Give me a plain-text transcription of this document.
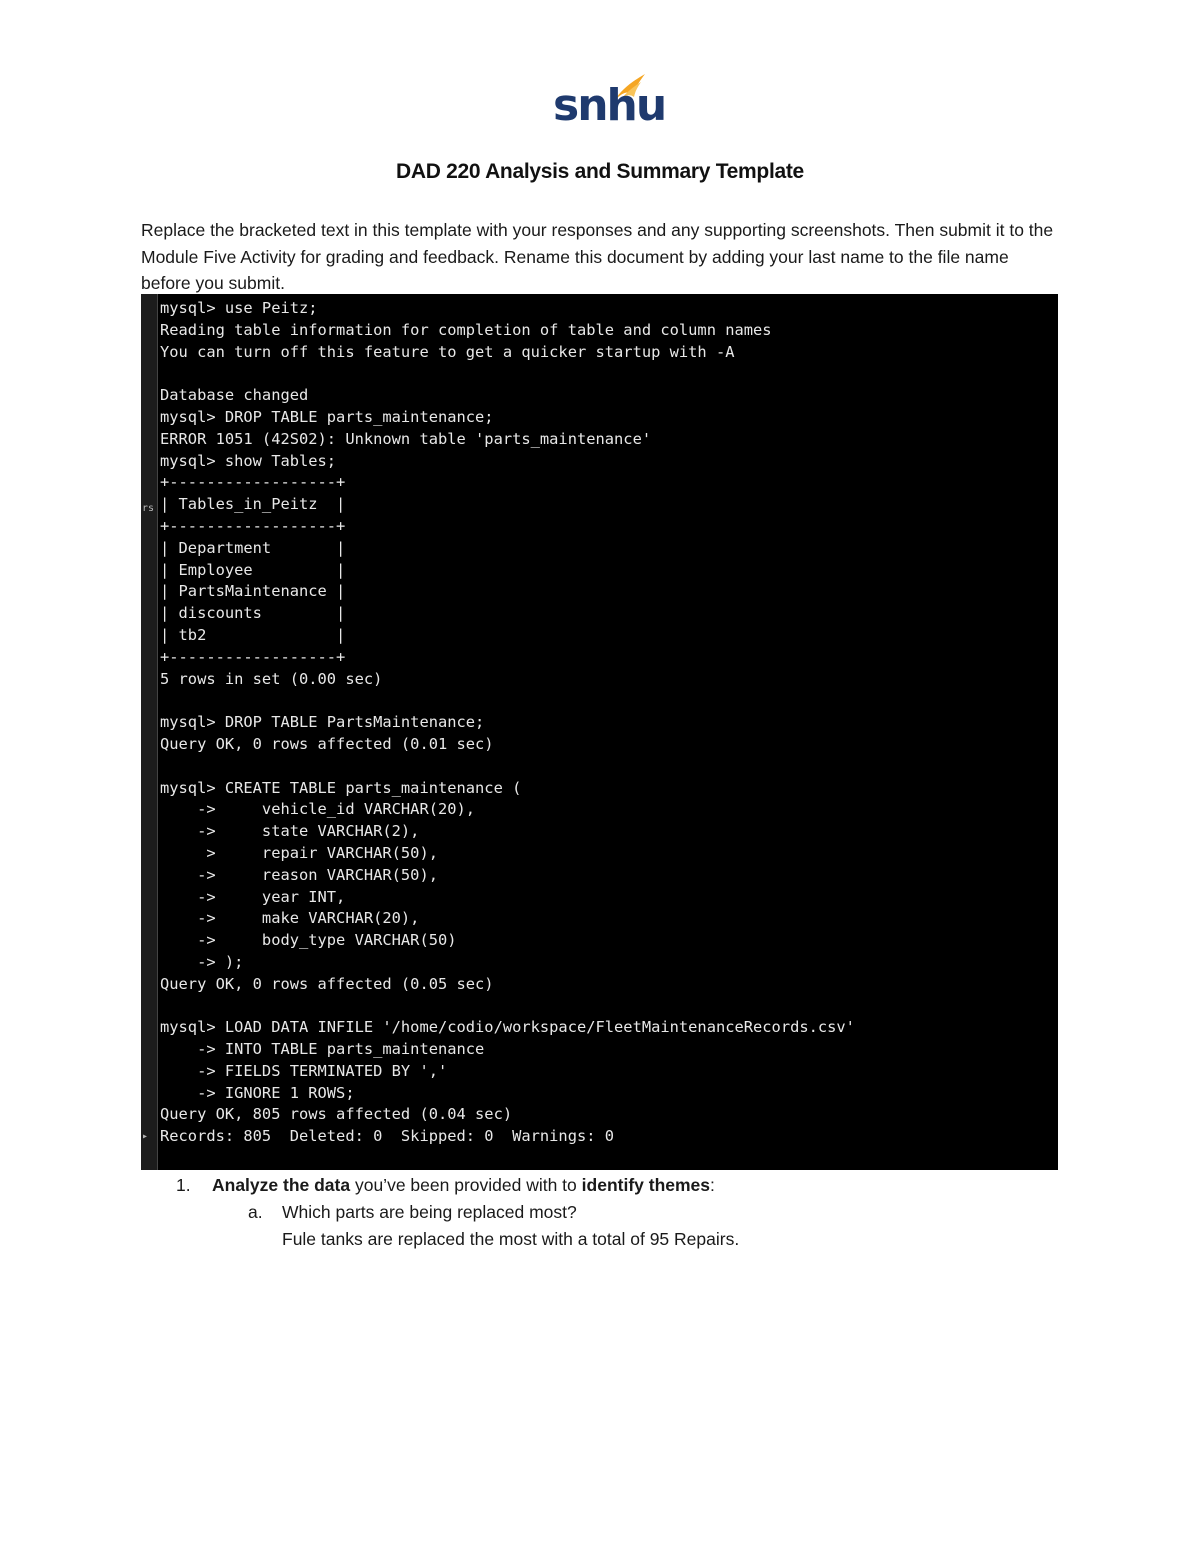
snhu
DAD 220 Analysis and Summary Template
Replace the bracketed text in this template with your responses and any supporting screenshots. Then submit it to the Module Five Activity for grading and feedback. Rename this document by adding your last name to the file name before you submit.
rs
▸
mysql> use Peitz;
Reading table information for completion of table and column names
You can turn off this feature to get a quicker startup with -A
Database changed
mysql> DROP TABLE parts_maintenance;
ERROR 1051 (42S02): Unknown table 'parts_maintenance'
mysql> show Tables;
+------------------+
| Tables_in_Peitz  |
+------------------+
| Department       |
| Employee         |
| PartsMaintenance |
| discounts        |
| tb2              |
+------------------+
5 rows in set (0.00 sec)
mysql> DROP TABLE PartsMaintenance;
Query OK, 0 rows affected (0.01 sec)
mysql> CREATE TABLE parts_maintenance (
->     vehicle_id VARCHAR(20),
->     state VARCHAR(2),
>     repair VARCHAR(50),
->     reason VARCHAR(50),
->     year INT,
->     make VARCHAR(20),
->     body_type VARCHAR(50)
-> );
Query OK, 0 rows affected (0.05 sec)
mysql> LOAD DATA INFILE '/home/codio/workspace/FleetMaintenanceRecords.csv'
-> INTO TABLE parts_maintenance
-> FIELDS TERMINATED BY ','
-> IGNORE 1 ROWS;
Query OK, 805 rows affected (0.04 sec)
Records: 805  Deleted: 0  Skipped: 0  Warnings: 0
1. Analyze the data you’ve been provided with to identify themes:
a. Which parts are being replaced most?
Fule tanks are replaced the most with a total of 95 Repairs.
